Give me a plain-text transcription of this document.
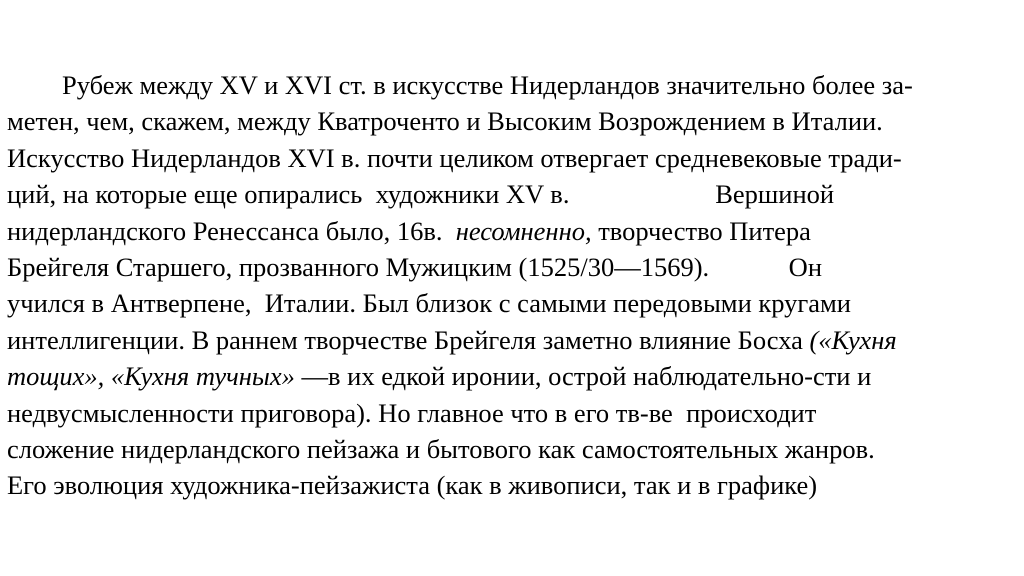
Рубеж между XV и XVI ст. в искусстве Нидерландов значительно более за-
метен, чем, скажем, между Кватроченто и Высоким Возрождением в Италии.
Искусство Нидерландов XVI в. почти целиком отвергает средневековые тради-
ций, на которые еще опирались  художники XV в.                      Вершиной
нидерландского Ренессанса было, 16в.  несомненно, творчество Питера
Брейгеля Старшего, прозванного Мужицким (1525/30—1569).            Он
учился в Антверпене,  Италии. Был близок с самыми передовыми кругами
интеллигенции. В раннем творчестве Брейгеля заметно влияние Босха («Кухня
тощих», «Кухня тучных» —в их едкой иронии, острой наблюдательно-сти и
недвусмысленности приговора). Но главное что в его тв-ве  происходит
сложение нидерландского пейзажа и бытового как самостоятельных жанров.
Его эволюция художника-пейзажиста (как в живописи, так и в графике)
